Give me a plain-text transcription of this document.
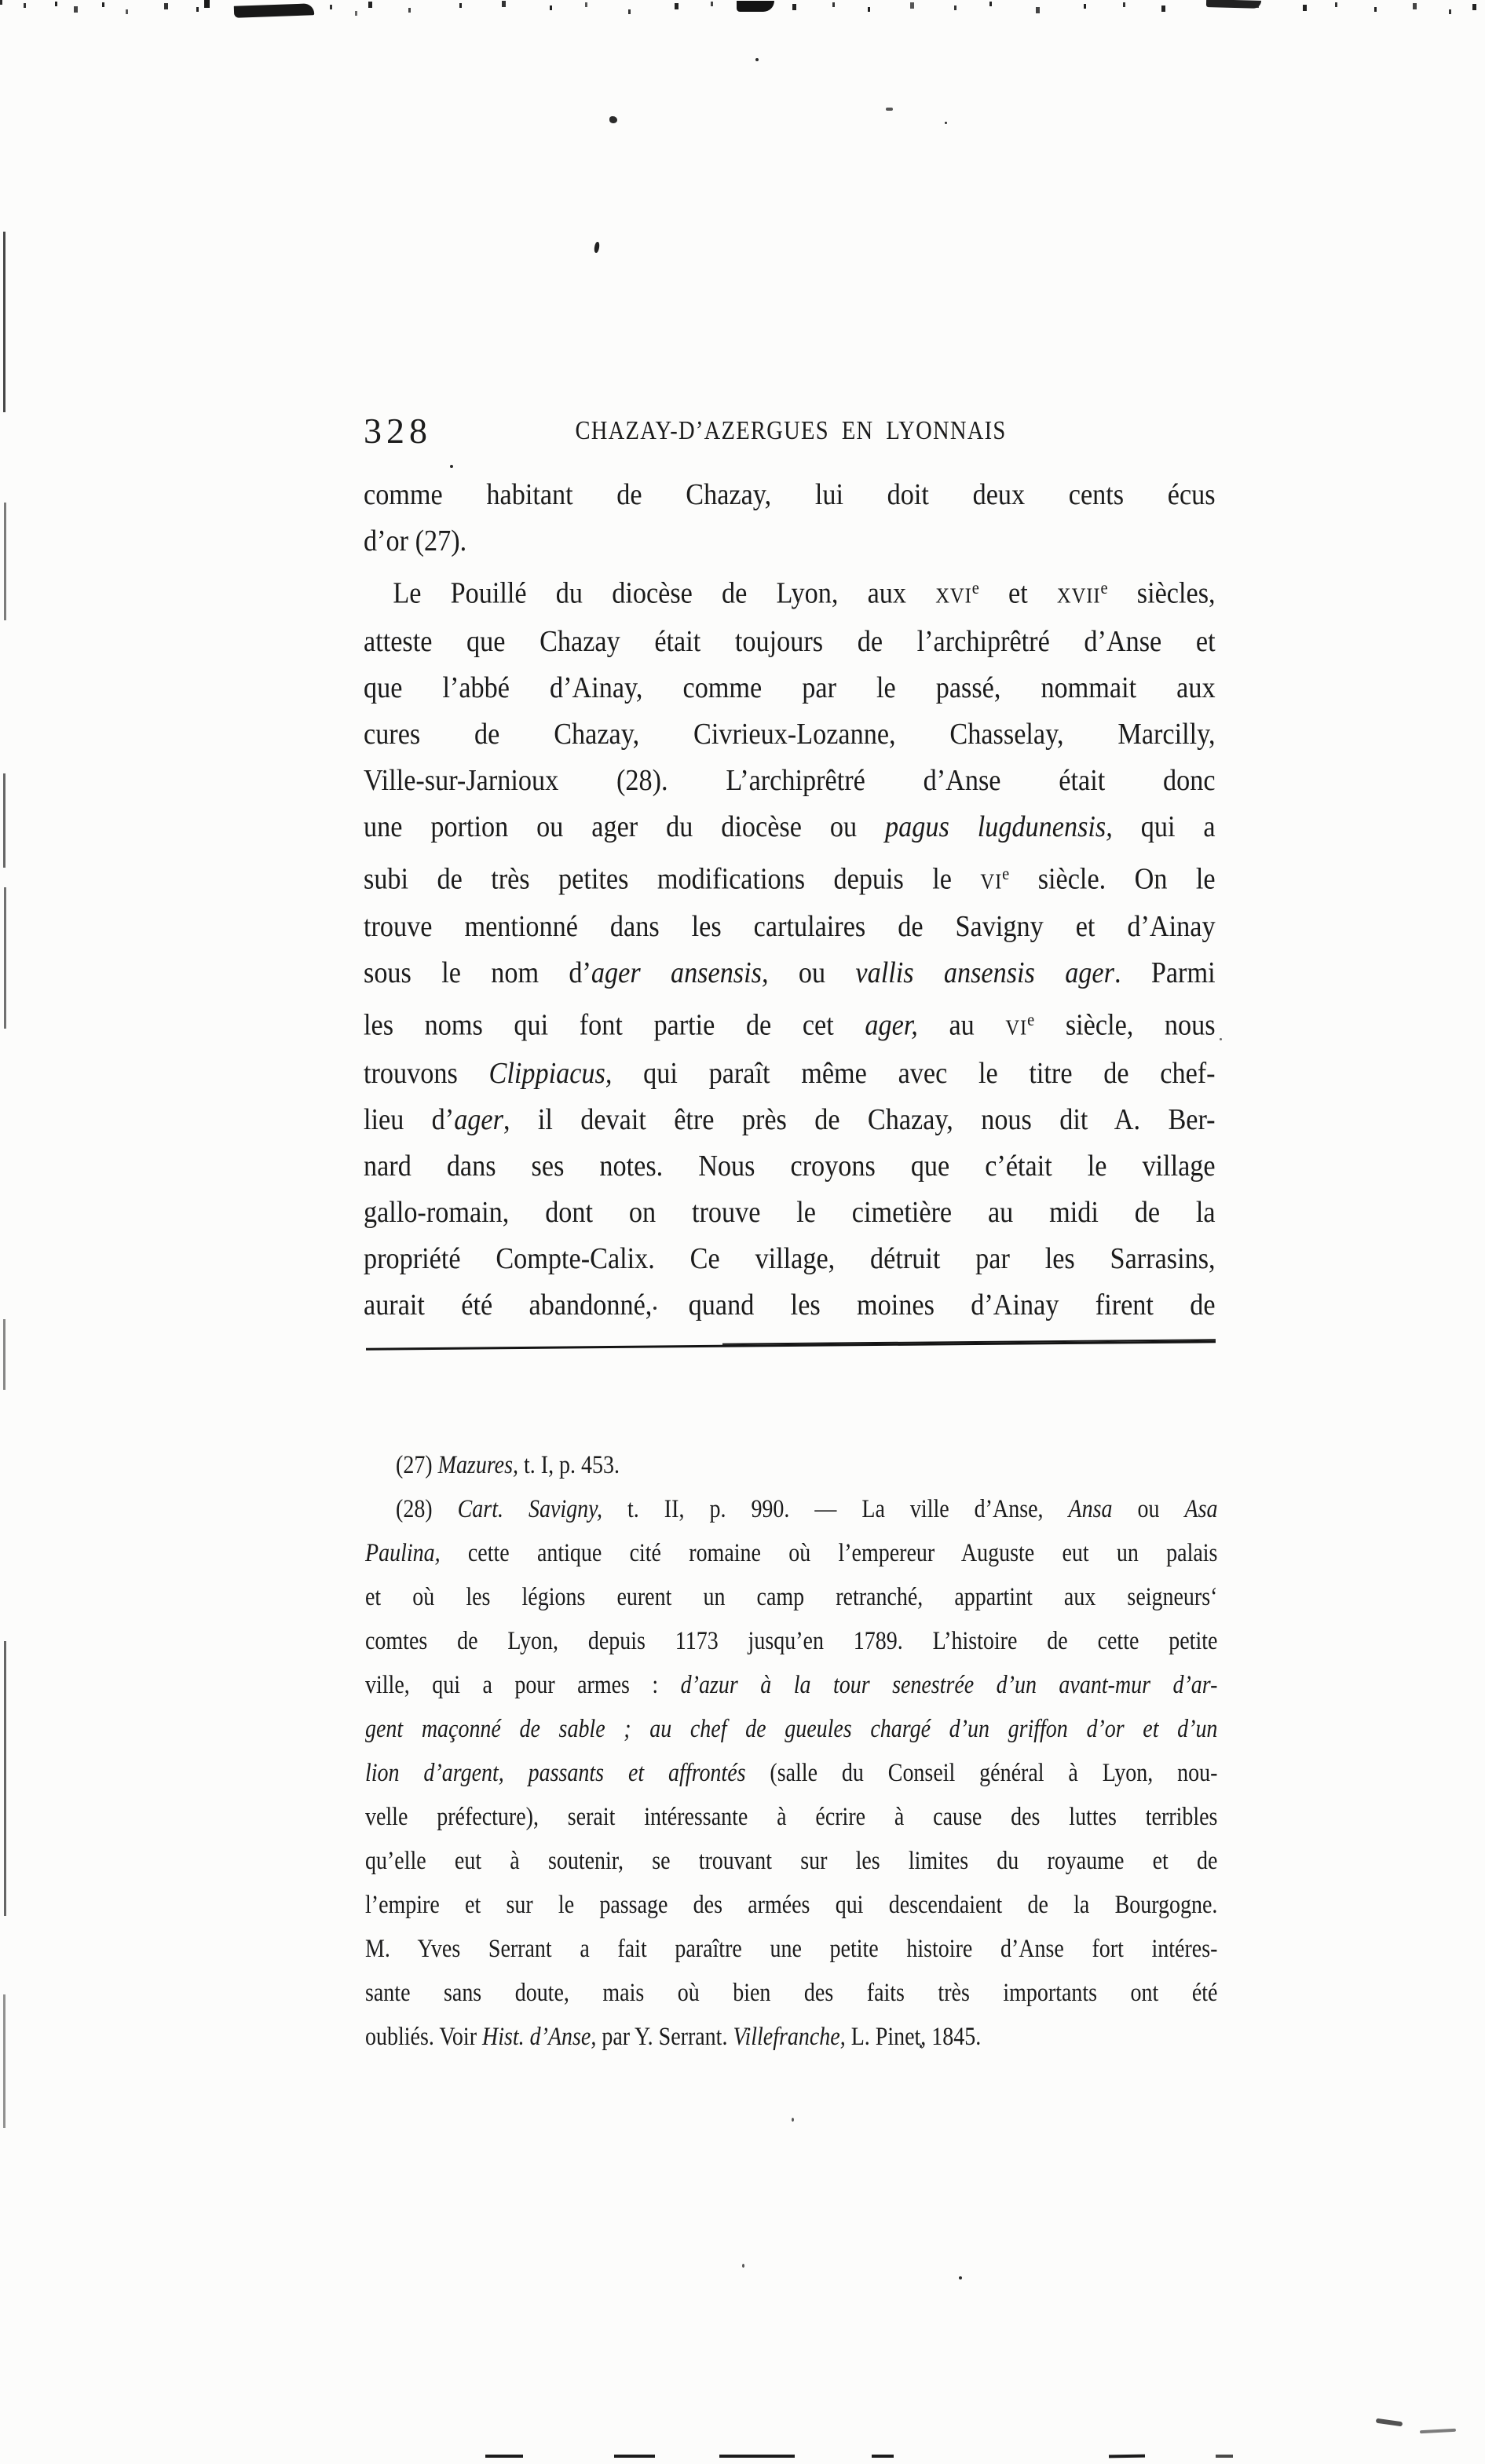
328	CHAZAY-D’AZERGUES EN LYONNAIS
comme habitant de Chazay, lui doit deux cents écus
d’or (27).
Le Pouillé du diocèse de Lyon, aux XVIe et XVIIe siècles,
atteste que Chazay était toujours de l’archiprêtré d’Anse et
que l’abbé d’Ainay, comme par le passé, nommait aux
cures de Chazay, Civrieux-Lozanne, Chasselay, Marcilly,
Ville-sur-Jarnioux (28). L’archiprêtré d’Anse était donc
une portion ou ager du diocèse ou pagus lugdunensis, qui a
subi de très petites modifications depuis le VIe siècle. On le
trouve mentionné dans les cartulaires de Savigny et d’Ainay
sous le nom d’ager ansensis, ou vallis ansensis ager. Parmi
les noms qui font partie de cet ager, au VIe siècle, nous
trouvons Clippiacus, qui paraît même avec le titre de chef-
lieu d’ager, il devait être près de Chazay, nous dit A. Ber-
nard dans ses notes. Nous croyons que c’était le village
gallo-romain, dont on trouve le cimetière au midi de la
propriété Compte-Calix. Ce village, détruit par les Sarrasins,
aurait été abandonné, quand les moines d’Ainay firent de
(27) Mazures, t. I, p. 453.
(28) Cart. Savigny, t. II, p. 990. — La ville d’Anse, Ansa ou Asa
Paulina, cette antique cité romaine où l’empereur Auguste eut un palais
et où les légions eurent un camp retranché, appartint aux seigneurs‘
comtes de Lyon, depuis 1173 jusqu’en 1789. L’histoire de cette petite
ville, qui a pour armes : d’azur à la tour senestrée d’un avant-mur d’ar-
gent maçonné de sable ; au chef de gueules chargé d’un griffon d’or et d’un
lion d’argent, passants et affrontés (salle du Conseil général à Lyon, nou-
velle préfecture), serait intéressante à écrire à cause des luttes terribles
qu’elle eut à soutenir, se trouvant sur les limites du royaume et de
l’empire et sur le passage des armées qui descendaient de la Bourgogne.
M. Yves Serrant a fait paraître une petite histoire d’Anse fort intéres-
sante sans doute, mais où bien des faits très importants ont été
oubliés. Voir Hist. d’Anse, par Y. Serrant. Villefranche, L. Pinet, 1845.
